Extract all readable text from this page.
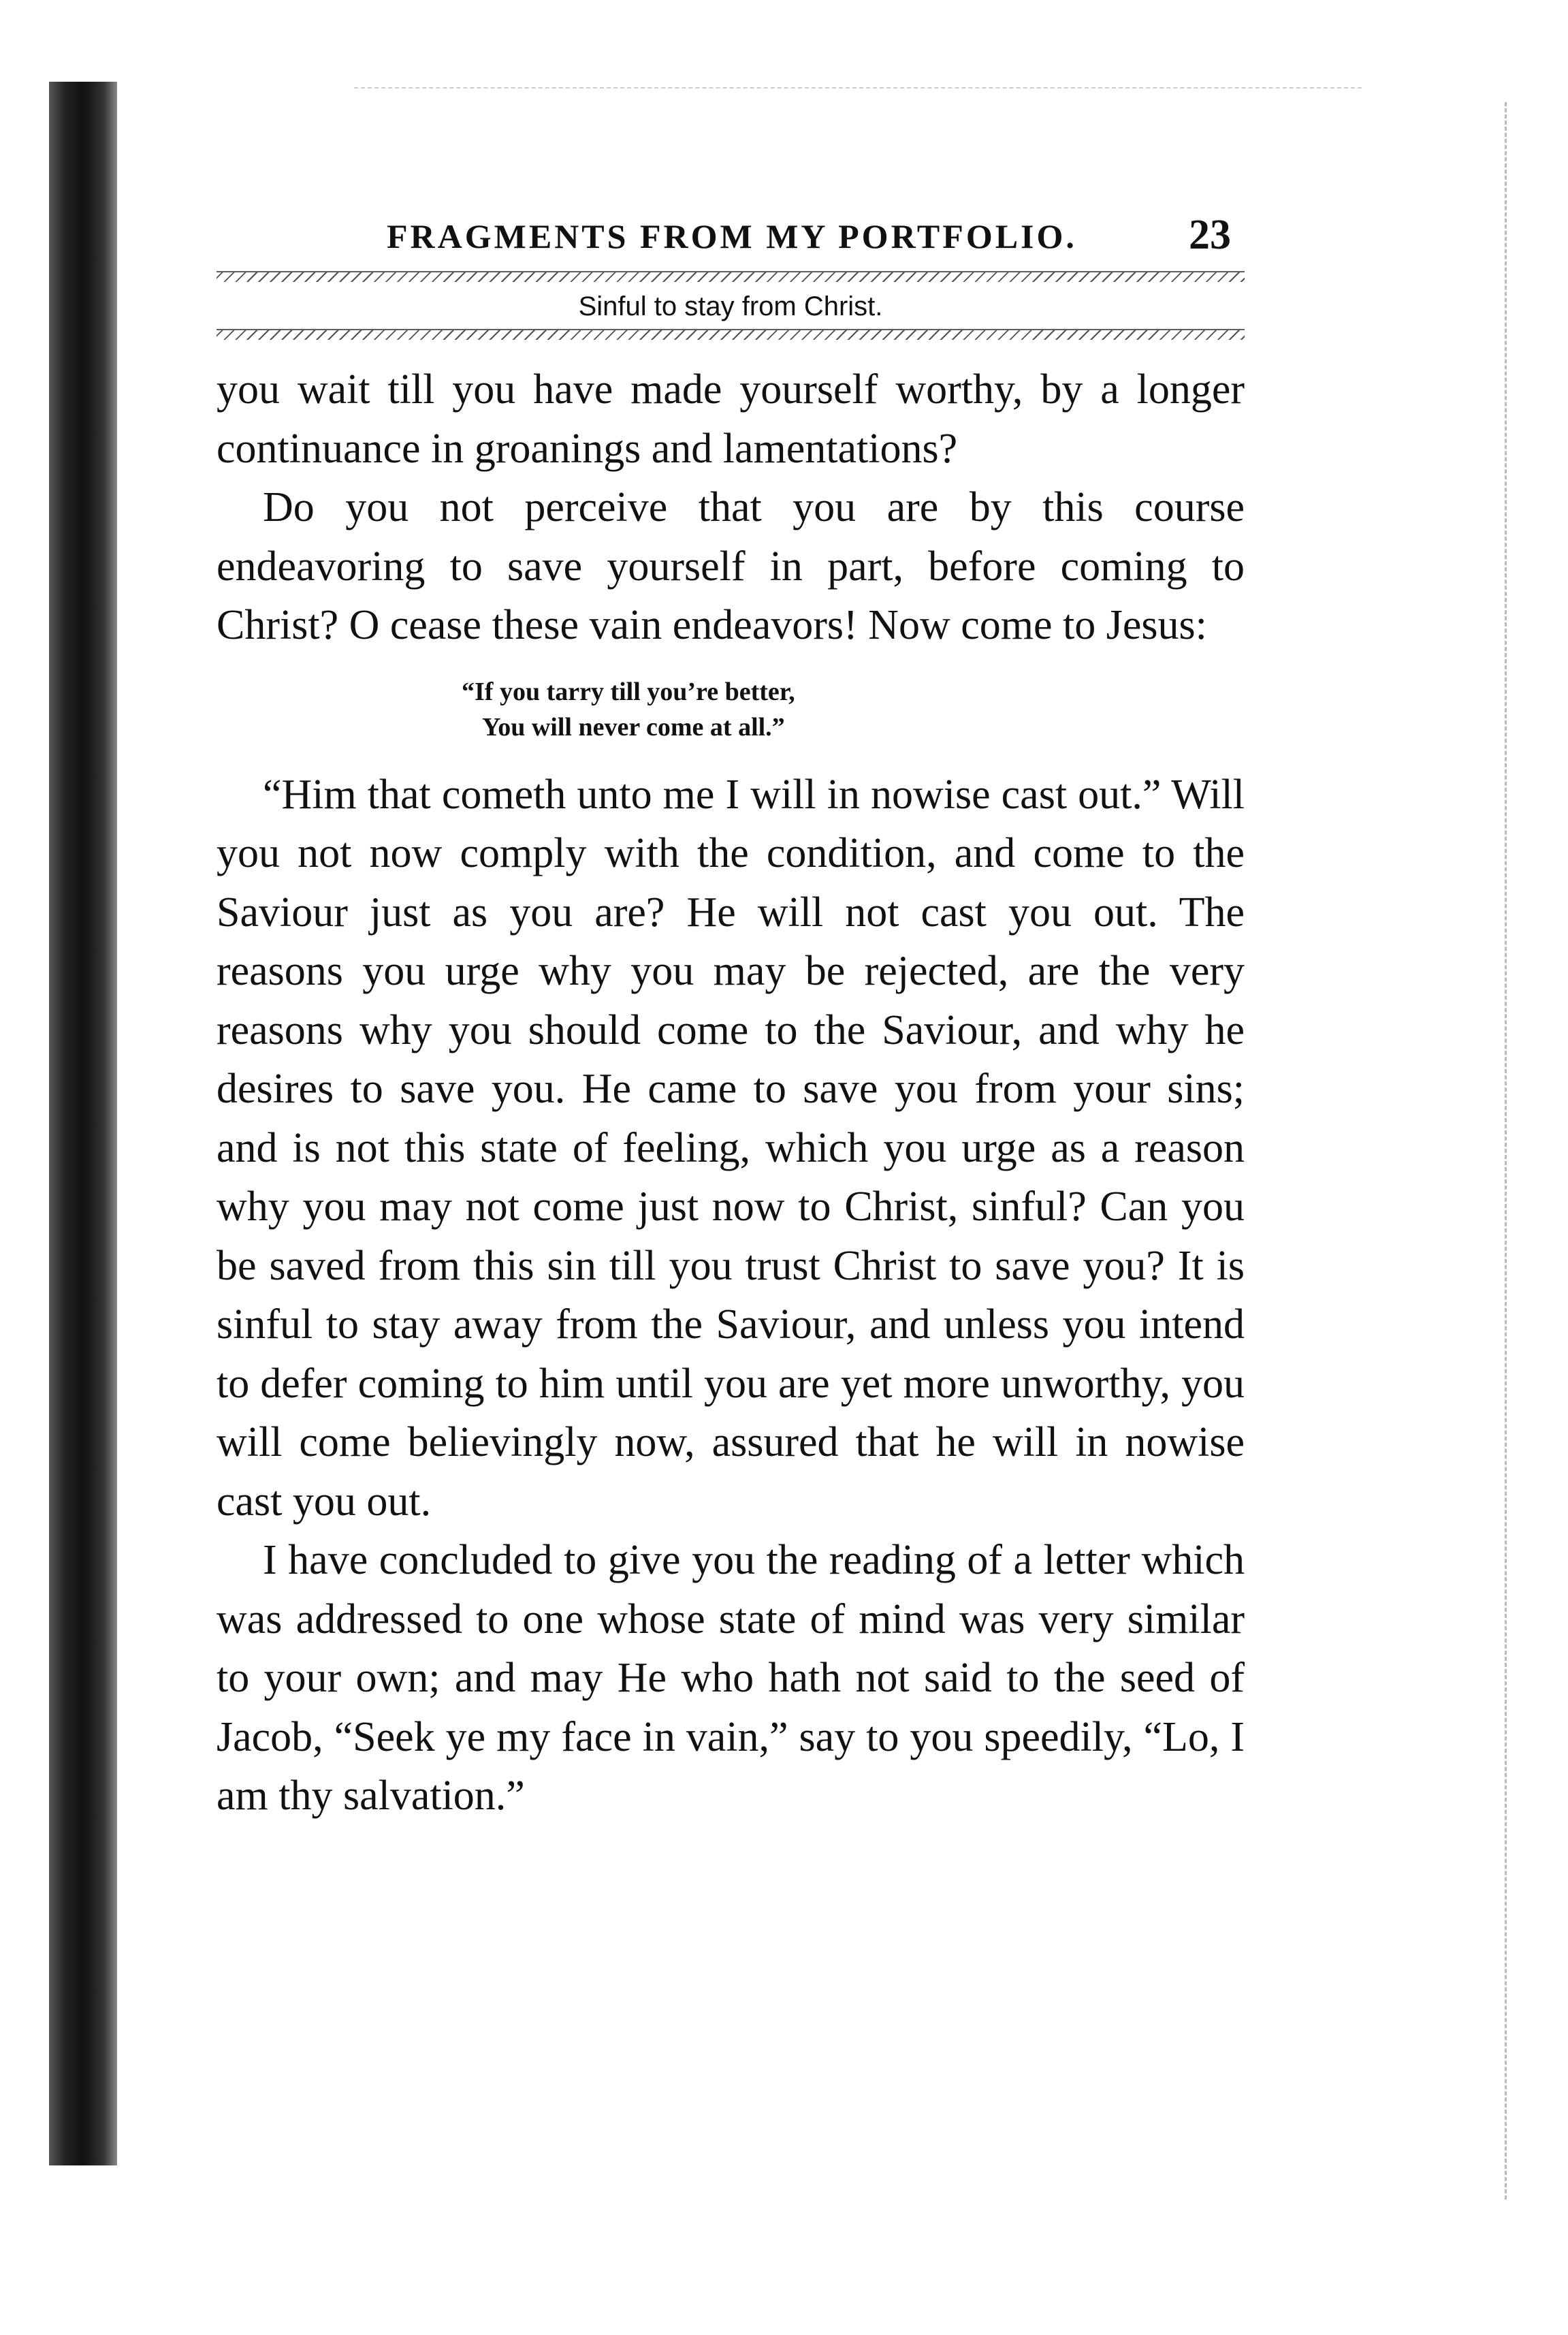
FRAGMENTS FROM MY PORTFOLIO.	23
Sinful to stay from Christ.

you wait till you have made yourself worthy, by a longer continuance in groanings and lamentations?

Do you not perceive that you are by this course endeavoring to save yourself in part, before coming to Christ? O cease these vain endeavors! Now come to Jesus:

“If you tarry till you’re better,
You will never come at all.”

“Him that cometh unto me I will in nowise cast out.” Will you not now comply with the condition, and come to the Saviour just as you are? He will not cast you out. The reasons you urge why you may be rejected, are the very reasons why you should come to the Saviour, and why he desires to save you. He came to save you from your sins; and is not this state of feeling, which you urge as a reason why you may not come just now to Christ, sinful? Can you be saved from this sin till you trust Christ to save you? It is sinful to stay away from the Saviour, and unless you intend to defer coming to him until you are yet more unworthy, you will come believingly now, assured that he will in nowise cast you out.

I have concluded to give you the reading of a letter which was addressed to one whose state of mind was very similar to your own; and may He who hath not said to the seed of Jacob, “Seek ye my face in vain,” say to you speedily, “Lo, I am thy salvation.”
